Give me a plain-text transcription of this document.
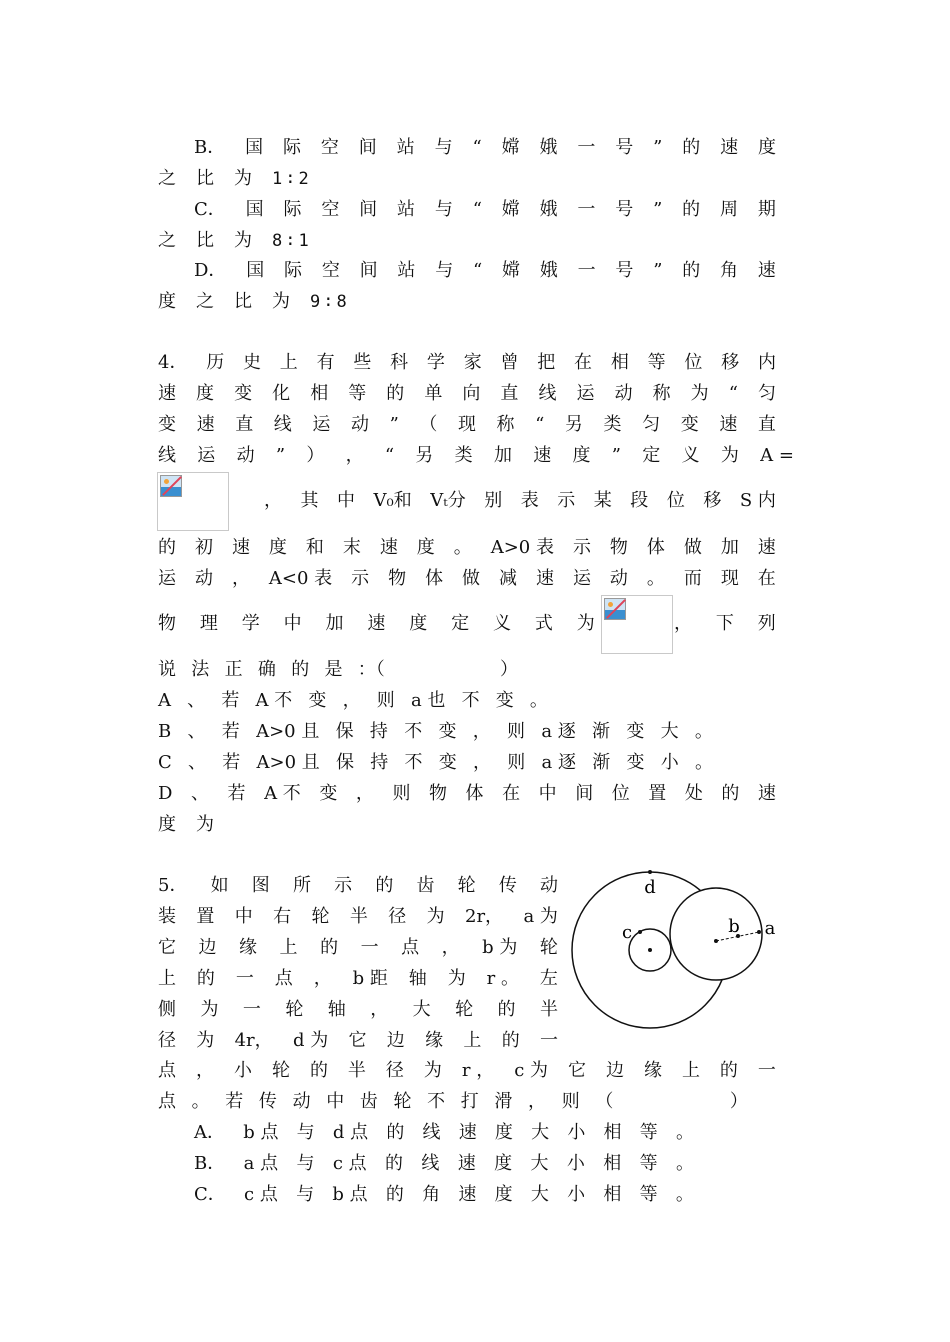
B． 国 际 空 间 站 与 “ 嫦 娥 一 号 ” 的 速 度
之 比 为 1∶2
C． 国 际 空 间 站 与 “ 嫦 娥 一 号 ” 的 周 期
之 比 为 8∶1
D． 国 际 空 间 站 与 “ 嫦 娥 一 号 ” 的 角 速
度 之 比 为 9∶8
4． 历 史 上 有 些 科 学 家 曾 把 在 相 等 位 移 内
速 度 变 化 相 等 的 单 向 直 线 运 动 称 为 “ 匀
变 速 直 线 运 动 ” （ 现 称 “ 另 类 匀 变 速 直
线 运 动 ” ） ， “ 另 类 加 速 度 ” 定 义 为 A =
， 其 中 V₀和 Vₜ分 别 表 示 某 段 位 移 S 内
的 初 速 度 和 末 速 度 。 A>0 表 示 物 体 做 加 速
运 动 ， A<0 表 示 物 体 做 减 速 运 动 。 而 现 在
物 理 学 中 加 速 度 定 义 式 为	， 下 列
说 法 正 确 的 是 ：（

　	）
A 、 若 A 不 变 ， 则 a 也 不 变 。
B 、 若 A>0 且 保 持 不 变 ， 则 a 逐 渐 变 大 。
C 、 若 A>0 且 保 持 不 变 ， 则 a 逐 渐 变 小 。
D 、 若 A 不 变 ， 则 物 体 在 中 间 位 置 处 的 速
度 为
5． 如 图 所 示 的 齿 轮 传 动
装 置 中 右 轮 半 径 为 2r， a 为
它 边 缘 上 的 一 点 ， b 为 轮
上 的 一 点 ， b 距 轴 为 r 。 左
侧 为 一 轮 轴 ， 大 轮 的 半
径 为 4r， d 为 它 边 缘 上 的 一
点 ， 小 轮 的 半 径 为 r ， c 为 它 边 缘 上 的 一
点 。 若 传 动 中 齿 轮 不 打 滑 ， 则 （

　	）
A． b 点 与 d 点 的 线 速 度 大 小 相 等 。
B． a 点 与 c 点 的 线 速 度 大 小 相 等 。
C． c 点 与 b 点 的 角 速 度 大 小 相 等 。
d
c	b a
